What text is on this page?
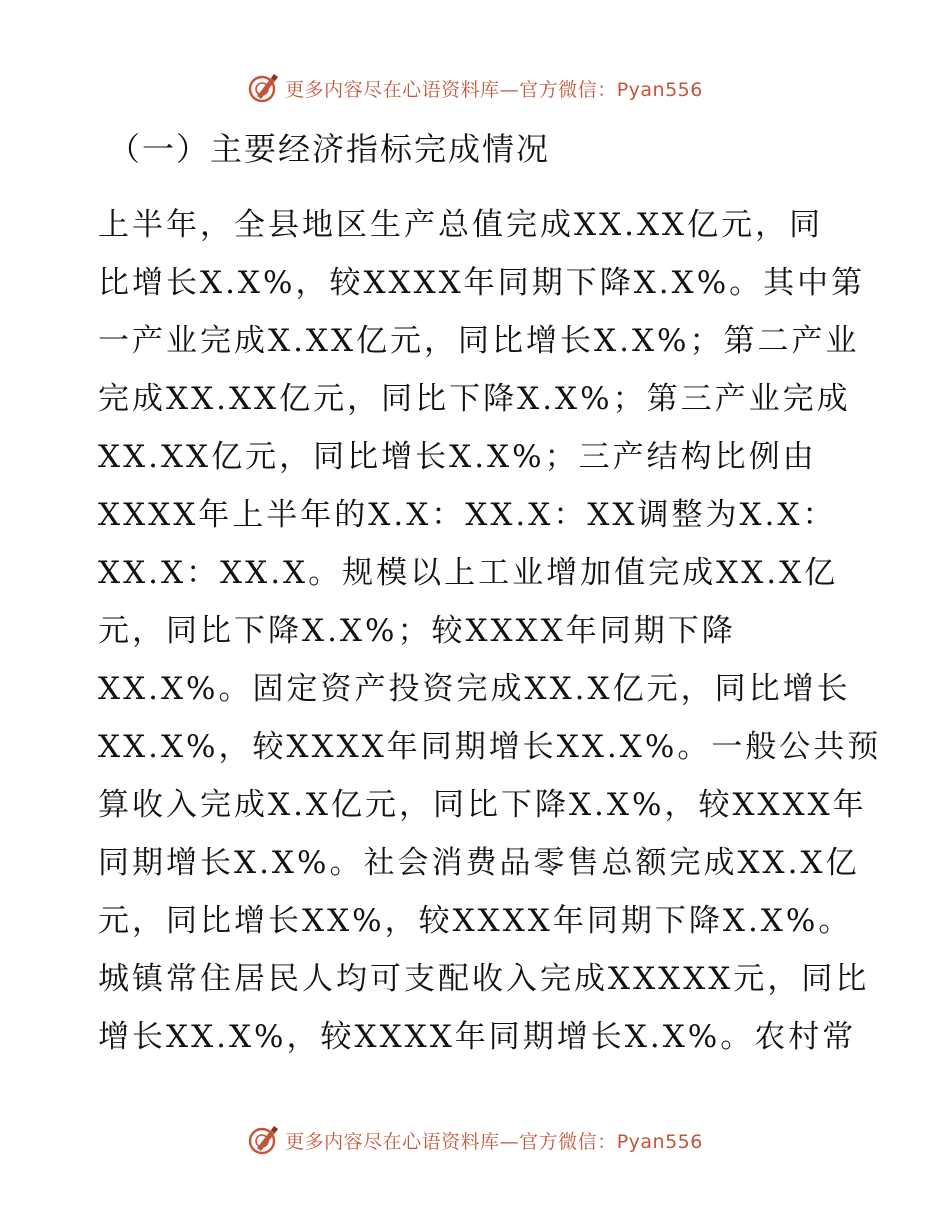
更多内容尽在心语资料库—官方微信：Pyan556
（一）主要经济指标完成情况
上半年，全县地区生产总值完成XX.XX亿元，同
比增长X.X%，较XXXX年同期下降X.X%。其中第
一产业完成X.XX亿元，同比增长X.X%；第二产业
完成XX.XX亿元，同比下降X.X%；第三产业完成
XX.XX亿元，同比增长X.X%；三产结构比例由
XXXX年上半年的X.X：XX.X：XX调整为X.X：
XX.X：XX.X。规模以上工业增加值完成XX.X亿
元，同比下降X.X%；较XXXX年同期下降
XX.X%。固定资产投资完成XX.X亿元，同比增长
XX.X%，较XXXX年同期增长XX.X%。一般公共预
算收入完成X.X亿元，同比下降X.X%，较XXXX年
同期增长X.X%。社会消费品零售总额完成XX.X亿
元，同比增长XX%，较XXXX年同期下降X.X%。
城镇常住居民人均可支配收入完成XXXXX元，同比
增长XX.X%，较XXXX年同期增长X.X%。农村常
更多内容尽在心语资料库—官方微信：Pyan556
